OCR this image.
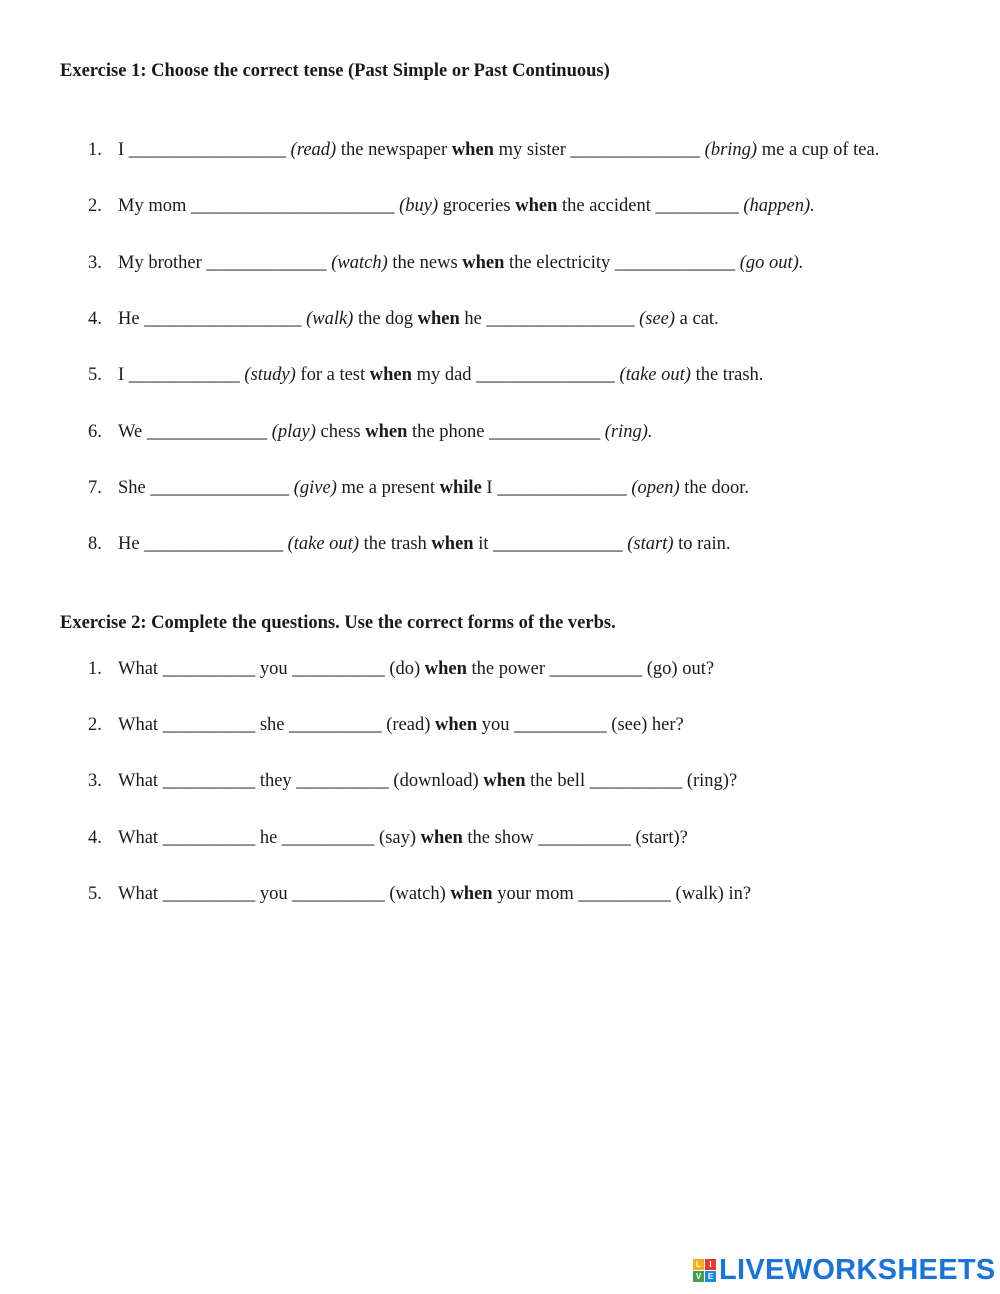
Exercise 1: Choose the correct tense (Past Simple or Past Continuous)
1. I _________________ (read) the newspaper when my sister ______________ (bring) me a cup of tea.
2. My mom ______________________ (buy) groceries when the accident _________ (happen).
3. My brother _____________ (watch) the news when the electricity _____________ (go out).
4. He _________________ (walk) the dog when he ________________ (see) a cat.
5. I ____________ (study) for a test when my dad _______________ (take out) the trash.
6. We _____________ (play) chess when the phone ____________ (ring).
7. She _______________ (give) me a present while I ______________ (open) the door.
8. He _______________ (take out) the trash when it ______________ (start) to rain.
Exercise 2: Complete the questions. Use the correct forms of the verbs.
1. What __________ you __________ (do) when the power __________ (go) out?
2. What __________ she __________ (read) when you __________ (see) her?
3. What __________ they __________ (download) when the bell __________ (ring)?
4. What __________ he __________ (say) when the show __________ (start)?
5. What __________ you __________ (watch) when your mom __________ (walk) in?
L	I
V E LIVEWORKSHEETS
